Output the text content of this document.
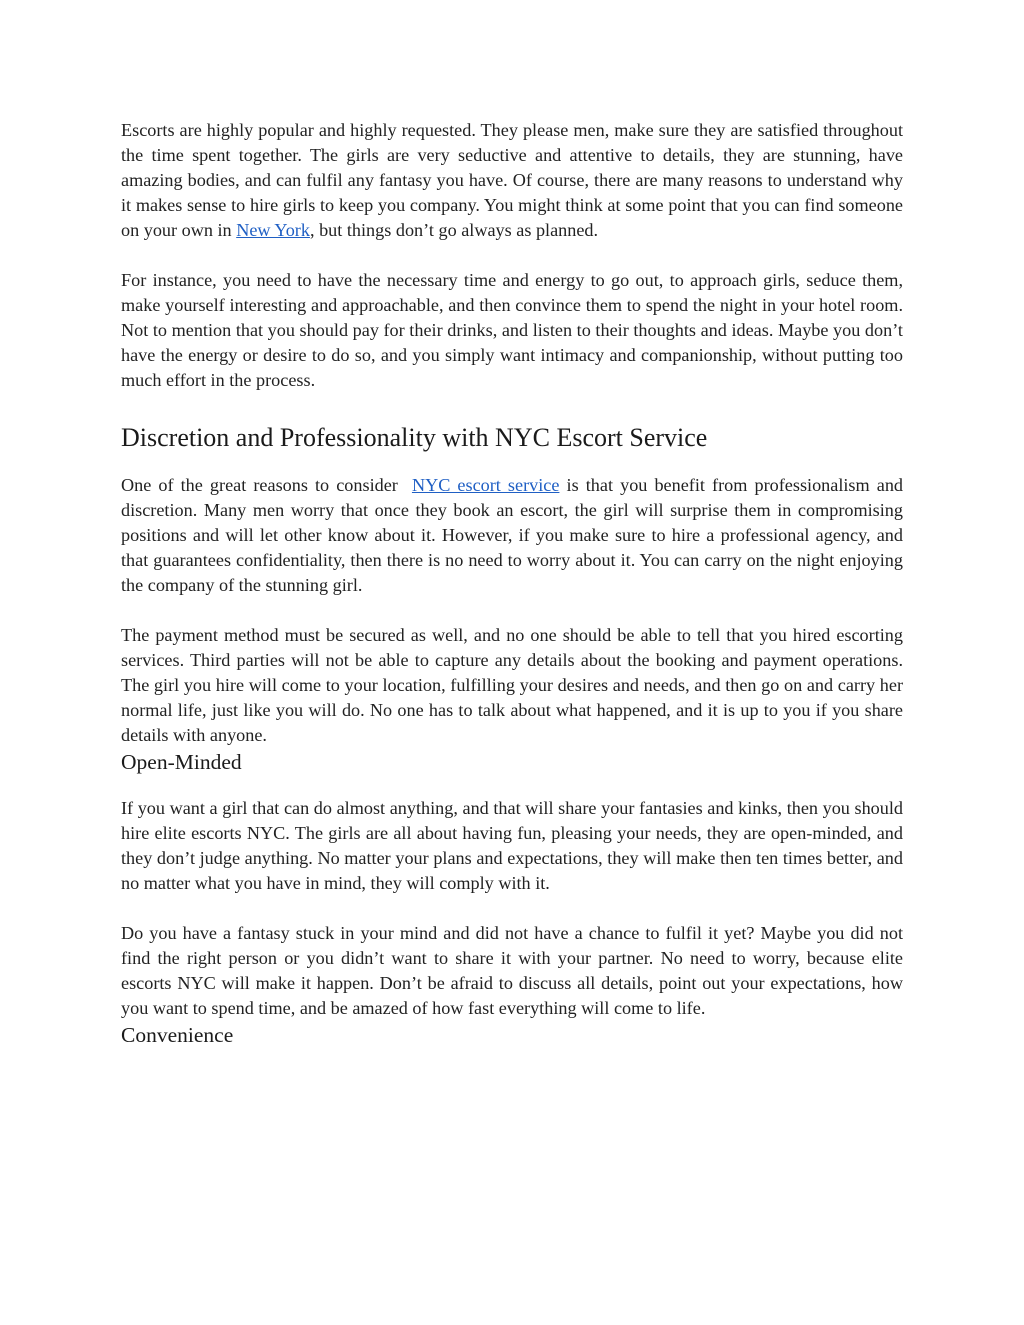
Escorts are highly popular and highly requested. They please men, make sure they are satisfied throughout the time spent together. The girls are very seductive and attentive to details, they are stunning, have amazing bodies, and can fulfil any fantasy you have. Of course, there are many reasons to understand why it makes sense to hire girls to keep you company. You might think at some point that you can find someone on your own in New York, but things don’t go always as planned.

For instance, you need to have the necessary time and energy to go out, to approach girls, seduce them, make yourself interesting and approachable, and then convince them to spend the night in your hotel room. Not to mention that you should pay for their drinks, and listen to their thoughts and ideas. Maybe you don’t have the energy or desire to do so, and you simply want intimacy and companionship, without putting too much effort in the process.

Discretion and Professionality with NYC Escort Service

One of the great reasons to consider NYC escort service is that you benefit from professionalism and discretion. Many men worry that once they book an escort, the girl will surprise them in compromising positions and will let other know about it. However, if you make sure to hire a professional agency, and that guarantees confidentiality, then there is no need to worry about it. You can carry on the night enjoying the company of the stunning girl.

The payment method must be secured as well, and no one should be able to tell that you hired escorting services. Third parties will not be able to capture any details about the booking and payment operations. The girl you hire will come to your location, fulfilling your desires and needs, and then go on and carry her normal life, just like you will do. No one has to talk about what happened, and it is up to you if you share details with anyone.

Open-Minded

If you want a girl that can do almost anything, and that will share your fantasies and kinks, then you should hire elite escorts NYC. The girls are all about having fun, pleasing your needs, they are open-minded, and they don’t judge anything. No matter your plans and expectations, they will make then ten times better, and no matter what you have in mind, they will comply with it.

Do you have a fantasy stuck in your mind and did not have a chance to fulfil it yet? Maybe you did not find the right person or you didn’t want to share it with your partner. No need to worry, because elite escorts NYC will make it happen. Don’t be afraid to discuss all details, point out your expectations, how you want to spend time, and be amazed of how fast everything will come to life.

Convenience
